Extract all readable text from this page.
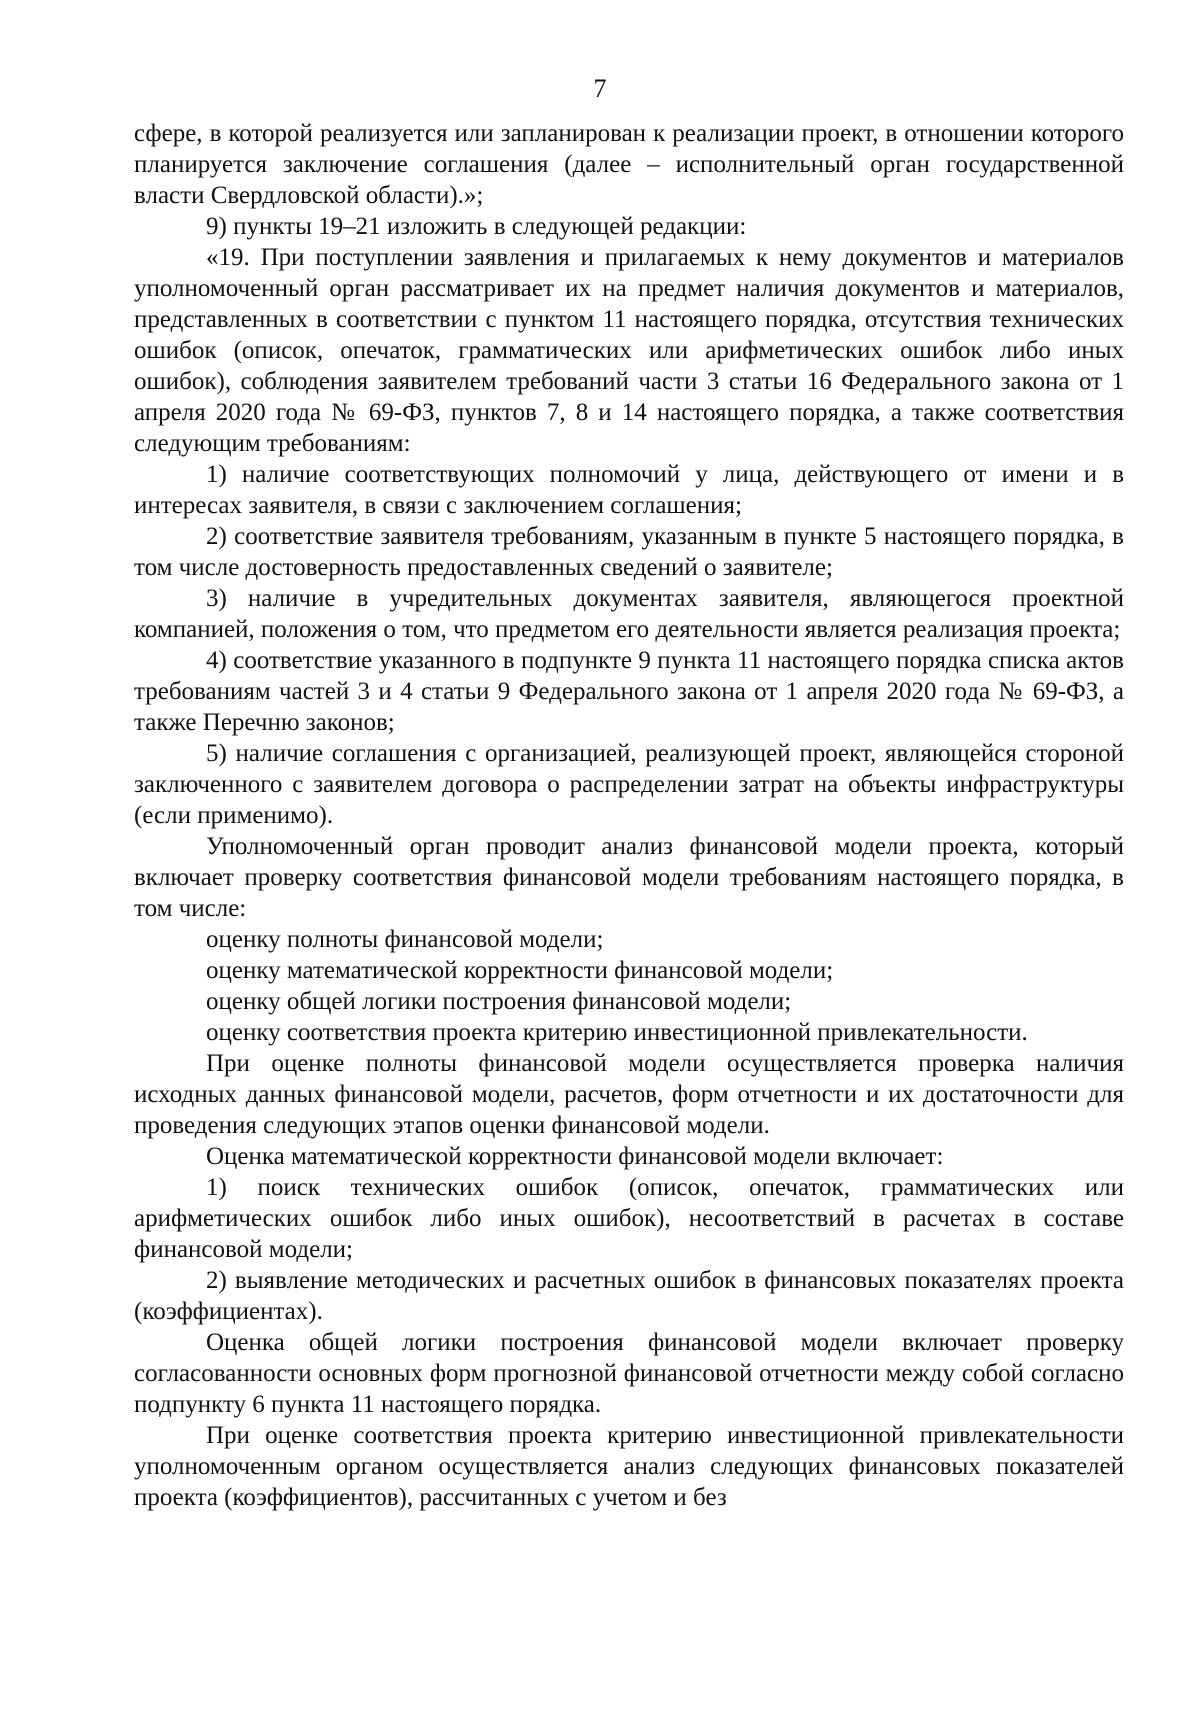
7

сфере, в которой реализуется или запланирован к реализации проект, в отношении которого планируется заключение соглашения (далее – исполнительный орган государственной власти Свердловской области).»;

9) пункты 19–21 изложить в следующей редакции:

«19. При поступлении заявления и прилагаемых к нему документов и материалов уполномоченный орган рассматривает их на предмет наличия документов и материалов, представленных в соответствии с пунктом 11 настоящего порядка, отсутствия технических ошибок (описок, опечаток, грамматических или арифметических ошибок либо иных ошибок), соблюдения заявителем требований части 3 статьи 16 Федерального закона от 1 апреля 2020 года № 69-ФЗ, пунктов 7, 8 и 14 настоящего порядка, а также соответствия следующим требованиям:

1) наличие соответствующих полномочий у лица, действующего от имени и в интересах заявителя, в связи с заключением соглашения;

2) соответствие заявителя требованиям, указанным в пункте 5 настоящего порядка, в том числе достоверность предоставленных сведений о заявителе;

3) наличие в учредительных документах заявителя, являющегося проектной компанией, положения о том, что предметом его деятельности является реализация проекта;

4) соответствие указанного в подпункте 9 пункта 11 настоящего порядка списка актов требованиям частей 3 и 4 статьи 9 Федерального закона от 1 апреля 2020 года № 69-ФЗ, а также Перечню законов;

5) наличие соглашения с организацией, реализующей проект, являющейся стороной заключенного с заявителем договора о распределении затрат на объекты инфраструктуры (если применимо).

Уполномоченный орган проводит анализ финансовой модели проекта, который включает проверку соответствия финансовой модели требованиям настоящего порядка, в том числе:

оценку полноты финансовой модели;

оценку математической корректности финансовой модели;

оценку общей логики построения финансовой модели;

оценку соответствия проекта критерию инвестиционной привлекательности.

При оценке полноты финансовой модели осуществляется проверка наличия исходных данных финансовой модели, расчетов, форм отчетности и их достаточности для проведения следующих этапов оценки финансовой модели.

Оценка математической корректности финансовой модели включает:

1) поиск технических ошибок (описок, опечаток, грамматических или арифметических ошибок либо иных ошибок), несоответствий в расчетах в составе финансовой модели;

2) выявление методических и расчетных ошибок в финансовых показателях проекта (коэффициентах).

Оценка общей логики построения финансовой модели включает проверку согласованности основных форм прогнозной финансовой отчетности между собой согласно подпункту 6 пункта 11 настоящего порядка.

При оценке соответствия проекта критерию инвестиционной привлекательности уполномоченным органом осуществляется анализ следующих финансовых показателей проекта (коэффициентов), рассчитанных с учетом и без
